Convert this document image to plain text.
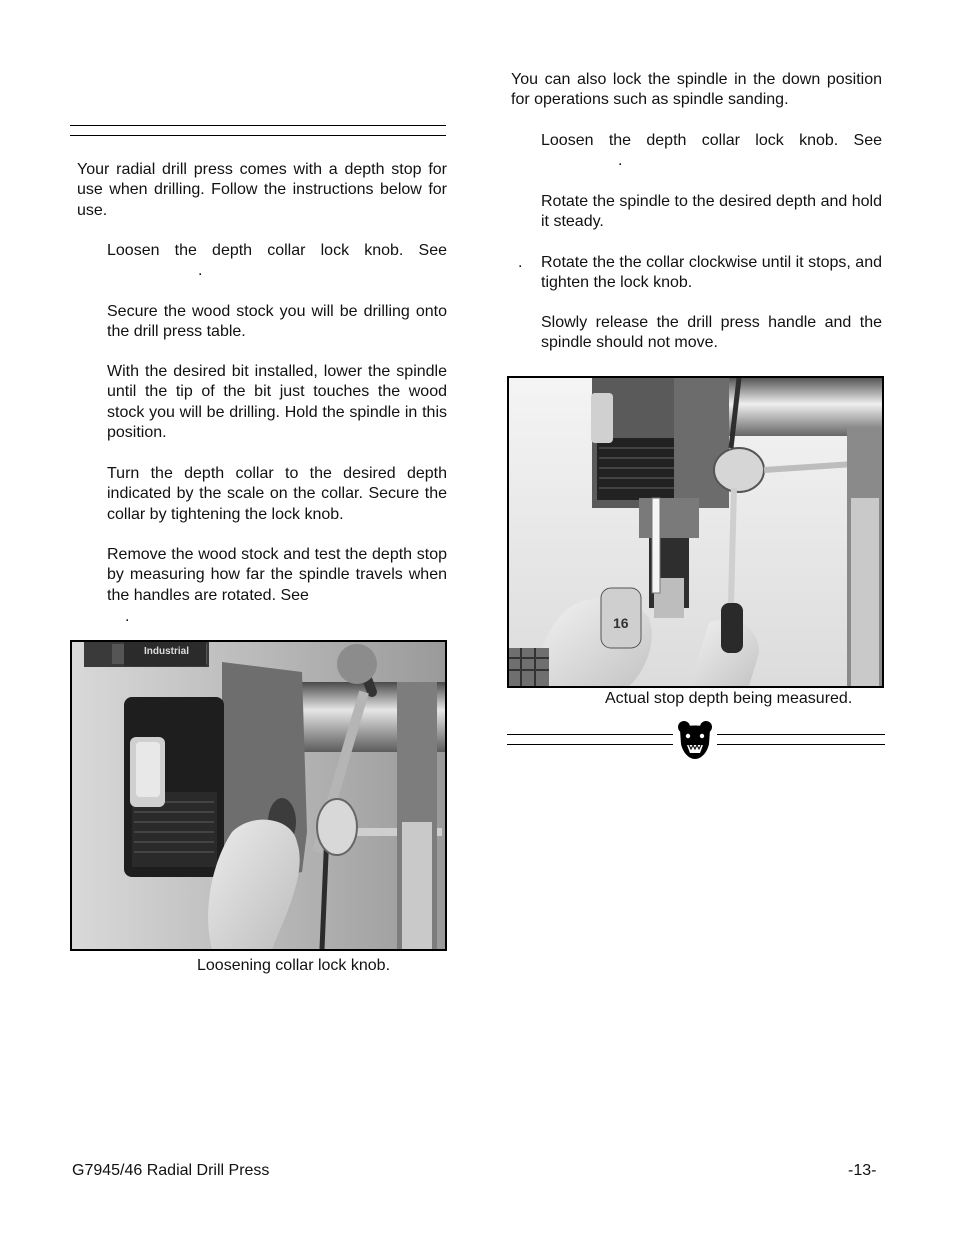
Your radial drill press comes with a depth stop for use when drilling. Follow the instructions below for use.

Loosen the depth collar lock knob. See

.

Secure the wood stock you will be drilling onto the drill press table.

With the desired bit installed, lower the spindle until the tip of the bit just touches the wood stock you will be drilling. Hold the spindle in this position.

Turn the depth collar to the desired depth indicated by the scale on the collar. Secure the collar by tightening the lock knob.

Remove the wood stock and test the depth stop by measuring how far the spindle travels when the handles are rotated. See

.

Industrial
Loosening collar lock knob.

You can also lock the spindle in the down position for operations such as spindle sanding.

Loosen the depth collar lock knob. See

.

Rotate the spindle to the desired depth and hold it steady.

. Rotate the the collar clockwise until it stops, and tighten the lock knob.

Slowly release the drill press handle and the spindle should not move.

16
Actual stop depth being measured.
G7945/46 Radial Drill Press	-13-
